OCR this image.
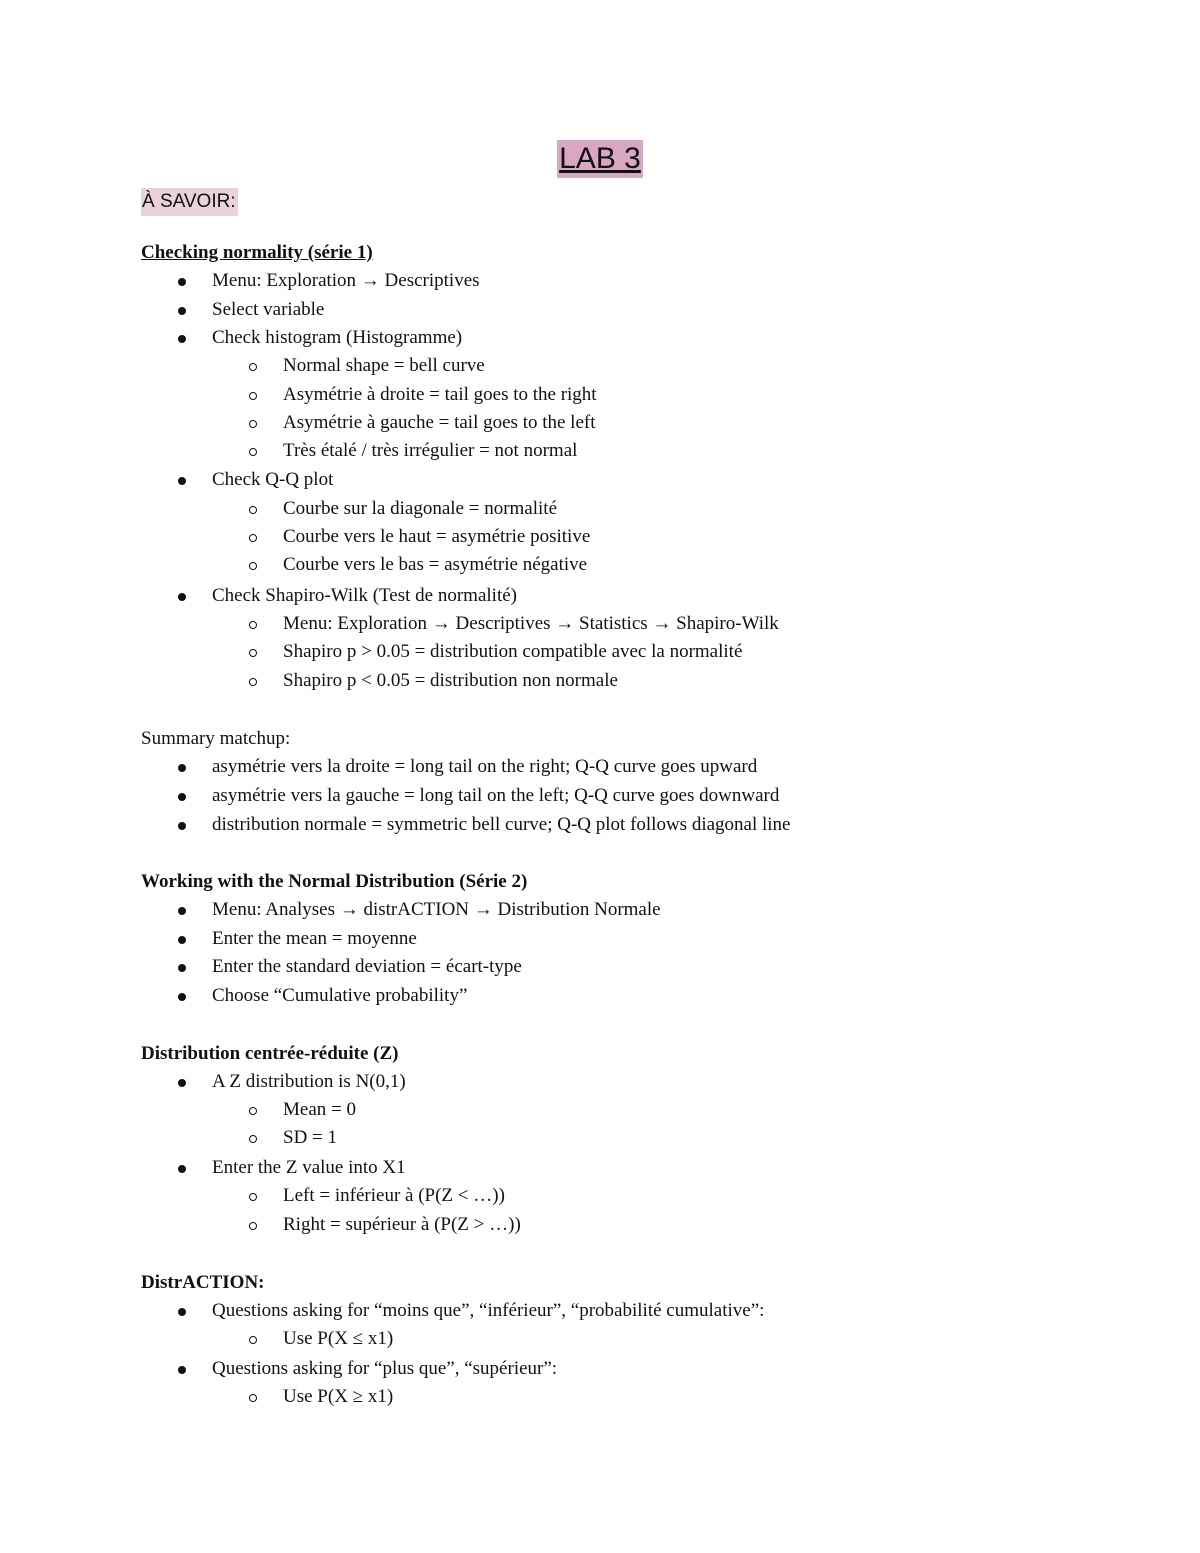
LAB 3
À SAVOIR:
Checking normality (série 1)
Menu: Exploration → Descriptives
Select variable
Check histogram (Histogramme)
Normal shape = bell curve
Asymétrie à droite = tail goes to the right
Asymétrie à gauche = tail goes to the left
Très étalé / très irrégulier = not normal
Check Q-Q plot
Courbe sur la diagonale = normalité
Courbe vers le haut = asymétrie positive
Courbe vers le bas = asymétrie négative
Check Shapiro-Wilk (Test de normalité)
Menu: Exploration → Descriptives → Statistics → Shapiro-Wilk
Shapiro p > 0.05 = distribution compatible avec la normalité
Shapiro p < 0.05 = distribution non normale
Summary matchup:
asymétrie vers la droite = long tail on the right; Q-Q curve goes upward
asymétrie vers la gauche = long tail on the left; Q-Q curve goes downward
distribution normale = symmetric bell curve; Q-Q plot follows diagonal line
Working with the Normal Distribution (Série 2)
Menu: Analyses → distrACTION → Distribution Normale
Enter the mean = moyenne
Enter the standard deviation = écart-type
Choose “Cumulative probability”
Distribution centrée-réduite (Z)
A Z distribution is N(0,1)
Mean = 0
SD = 1
Enter the Z value into X1
Left = inférieur à (P(Z < …))
Right = supérieur à (P(Z > …))
DistrACTION:
Questions asking for “moins que”, “inférieur”, “probabilité cumulative”:
Use P(X ≤ x1)
Questions asking for “plus que”, “supérieur”:
Use P(X ≥ x1)
